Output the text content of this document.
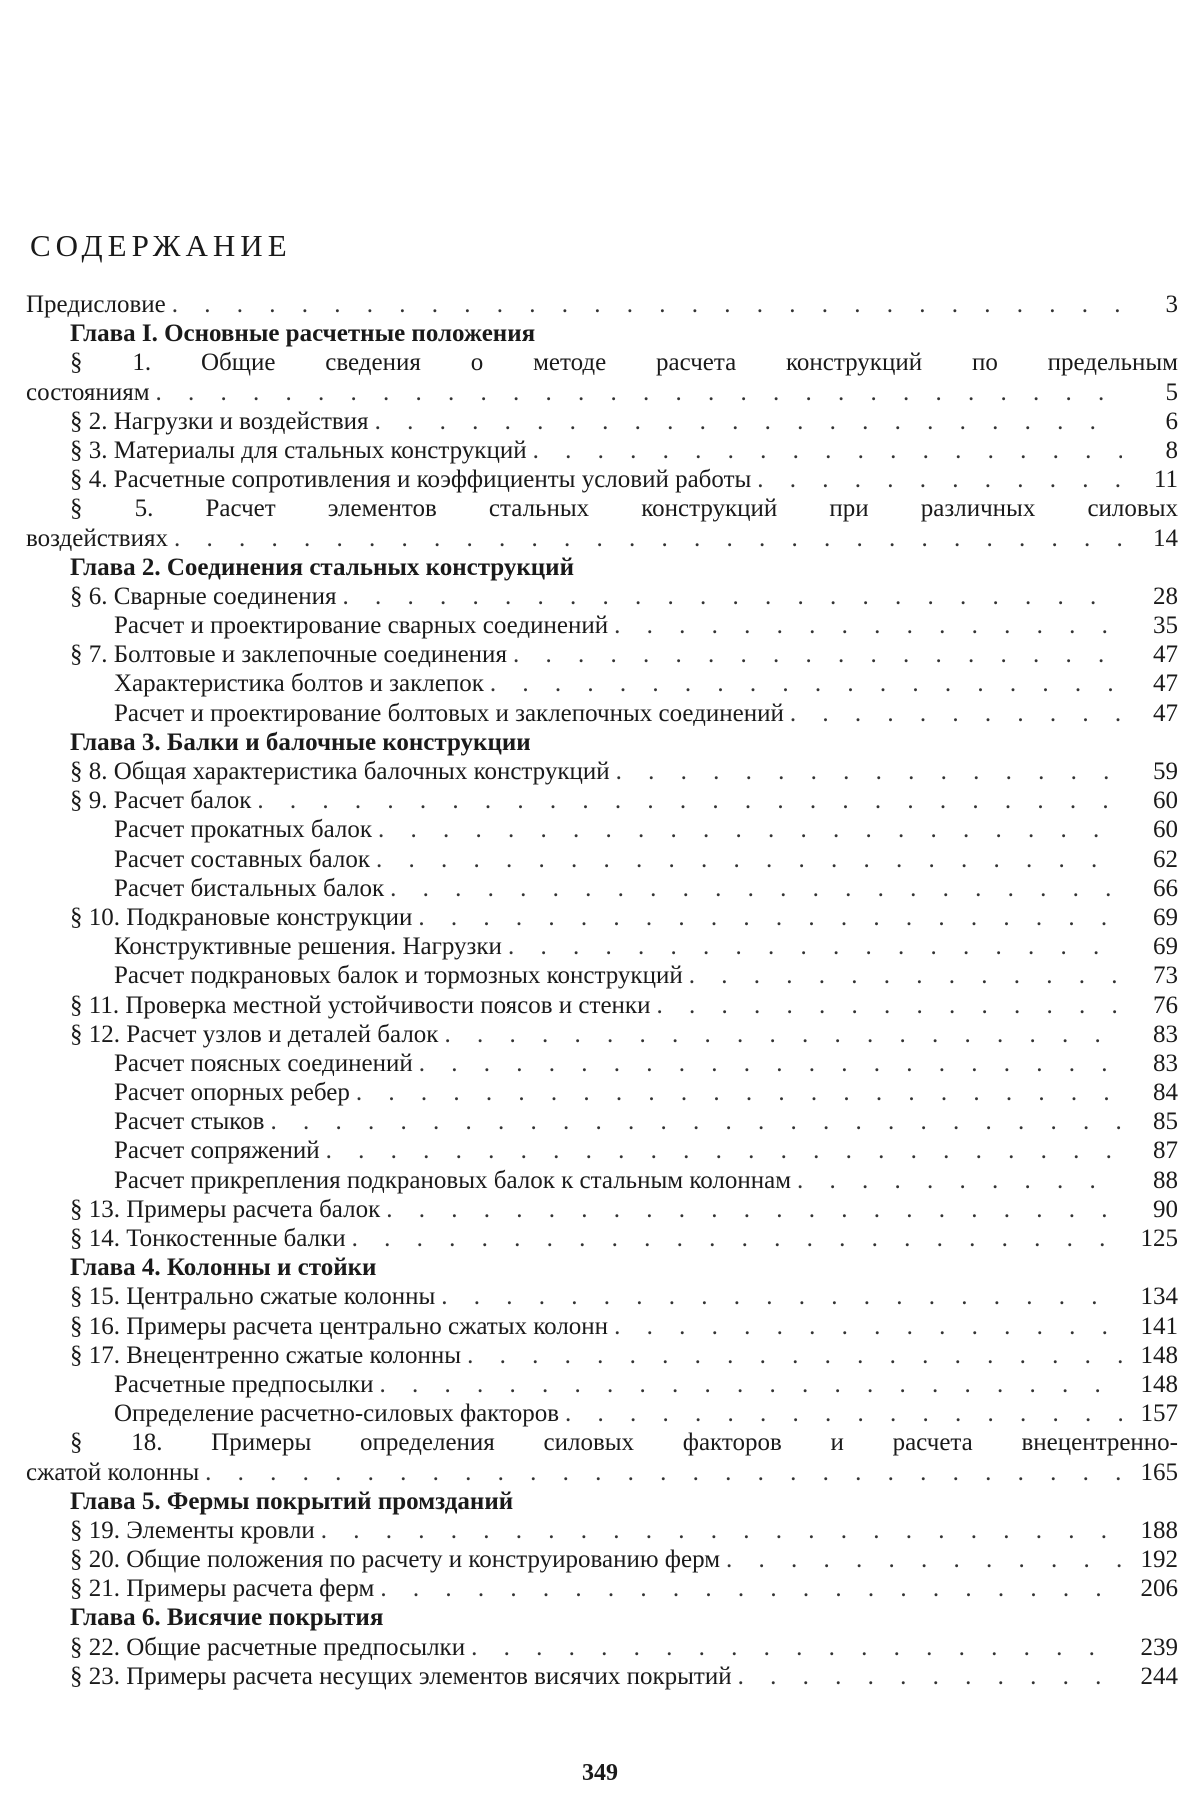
СОДЕРЖАНИЕ
Предисловие . . .	3
Глава I. Основные расчетные положения
§ 1. Общие сведения о методе расчета конструкций по предельным
состояниям . . .	5
§ 2. Нагрузки и воздействия . . .	6
§ 3. Материалы для стальных конструкций . . .	8
§ 4. Расчетные сопротивления и коэффициенты условий работы . . .	11
§ 5. Расчет элементов стальных конструкций при различных силовых
воздействиях . . .	14
Глава 2. Соединения стальных конструкций
§ 6. Сварные соединения . . .	28
Расчет и проектирование сварных соединений . . .	35
§ 7. Болтовые и заклепочные соединения . . .	47
Характеристика болтов и заклепок . . .	47
Расчет и проектирование болтовых и заклепочных соединений . . .	47
Глава 3. Балки и балочные конструкции
§ 8. Общая характеристика балочных конструкций . . .	59
§ 9. Расчет балок . . .	60
Расчет прокатных балок . . .	60
Расчет составных балок . . .	62
Расчет бистальных балок . . .	66
§ 10. Подкрановые конструкции . . .	69
Конструктивные решения. Нагрузки . . .	69
Расчет подкрановых балок и тормозных конструкций . . .	73
§ 11. Проверка местной устойчивости поясов и стенки . . .	76
§ 12. Расчет узлов и деталей балок . . .	83
Расчет поясных соединений . . .	83
Расчет опорных ребер . . .	84
Расчет стыков . . .	85
Расчет сопряжений . . .	87
Расчет прикрепления подкрановых балок к стальным колоннам . . .	88
§ 13. Примеры расчета балок . . .	90
§ 14. Тонкостенные балки . . .	125
Глава 4. Колонны и стойки
§ 15. Центрально сжатые колонны . . .	134
§ 16. Примеры расчета центрально сжатых колонн . . .	141
§ 17. Внецентренно сжатые колонны . . .	148
Расчетные предпосылки . . .	148
Определение расчетно-силовых факторов . . .	157
§ 18. Примеры определения силовых факторов и расчета внецентренно-
сжатой колонны . . .	165
Глава 5. Фермы покрытий промзданий
§ 19. Элементы кровли . . .	188
§ 20. Общие положения по расчету и конструированию ферм . . .	192
§ 21. Примеры расчета ферм . . .	206
Глава 6. Висячие покрытия
§ 22. Общие расчетные предпосылки . . .	239
§ 23. Примеры расчета несущих элементов висячих покрытий . . .	244
349
